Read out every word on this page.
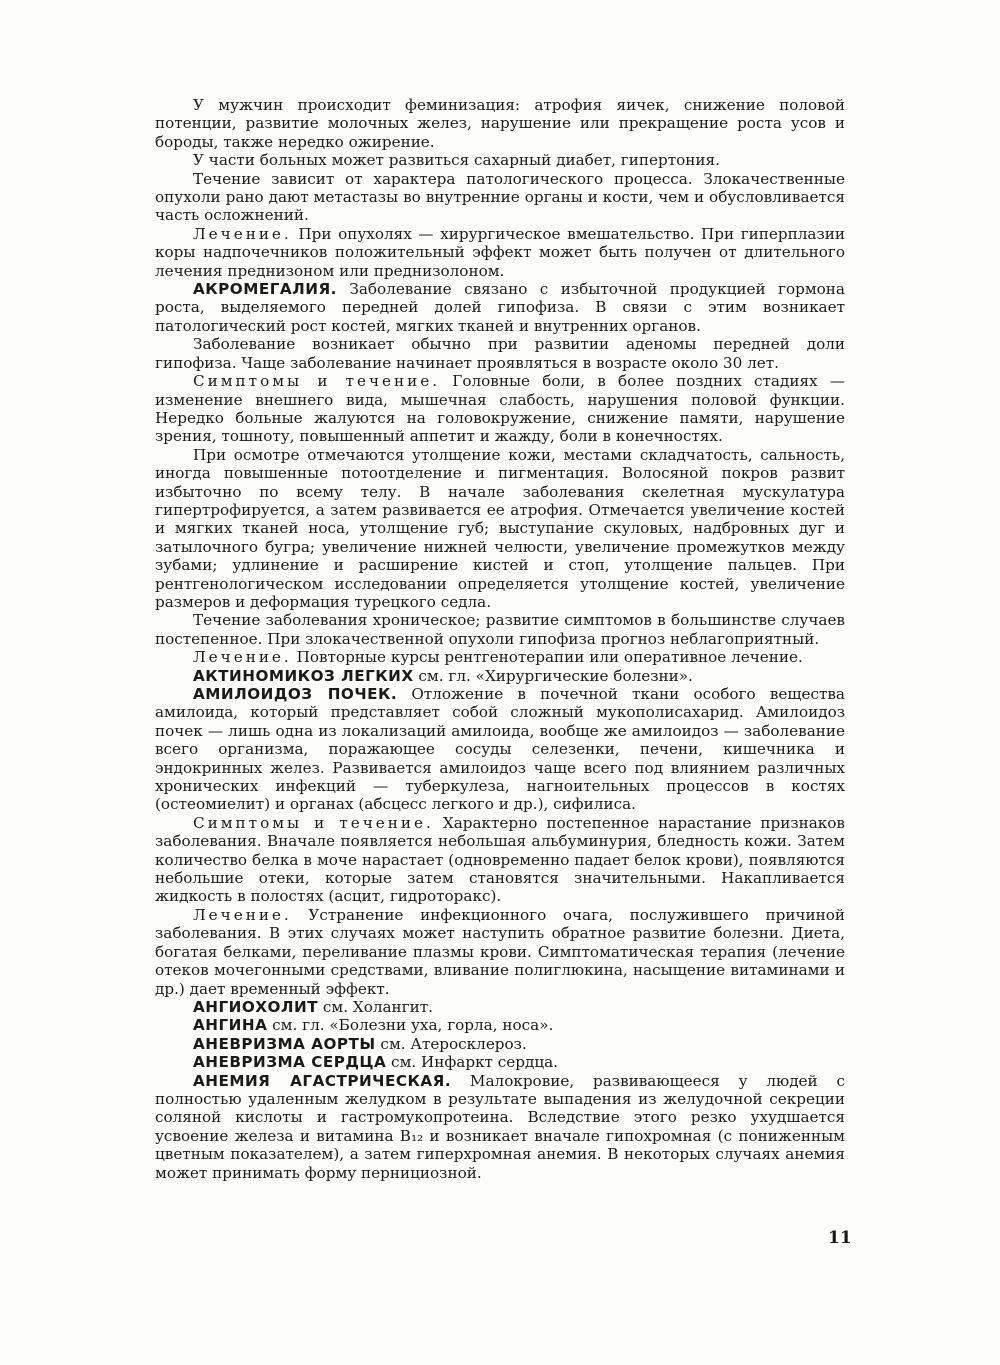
У мужчин происходит феминизация: атрофия яичек, снижение половой потенции, развитие молочных желез, нарушение или прекращение роста усов и бороды, также нередко ожирение.

У части больных может развиться сахарный диабет, гипертония.

Течение зависит от характера патологического процесса. Злокачественные опухоли рано дают метастазы во внутренние органы и кости, чем и обусловливается часть осложнений.

Лечение. При опухолях — хирургическое вмешательство. При гиперплазии коры надпочечников положительный эффект может быть получен от длительного лечения преднизоном или преднизолоном.

АКРОМЕГАЛИЯ. Заболевание связано с избыточной продукцией гормона роста, выделяемого передней долей гипофиза. В связи с этим возникает патологический рост костей, мягких тканей и внутренних органов.

Заболевание возникает обычно при развитии аденомы передней доли гипофиза. Чаще заболевание начинает проявляться в возрасте около 30 лет.

Симптомы и течение. Головные боли, в более поздних стадиях — изменение внешнего вида, мышечная слабость, нарушения половой функции. Нередко больные жалуются на головокружение, снижение памяти, нарушение зрения, тошноту, повышенный аппетит и жажду, боли в конечностях.

При осмотре отмечаются утолщение кожи, местами складчатость, сальность, иногда повышенные потоотделение и пигментация. Волосяной покров развит избыточно по всему телу. В начале заболевания скелетная мускулатура гипертрофируется, а затем развивается ее атрофия. Отмечается увеличение костей и мягких тканей носа, утолщение губ; выступание скуловых, надбровных дуг и затылочного бугра; увеличение нижней челюсти, увеличение промежутков между зубами; удлинение и расширение кистей и стоп, утолщение пальцев. При рентгенологическом исследовании определяется утолщение костей, увеличение размеров и деформация турецкого седла.

Течение заболевания хроническое; развитие симптомов в большинстве случаев постепенное. При злокачественной опухоли гипофиза прогноз неблагоприятный.

Лечение. Повторные курсы рентгенотерапии или оперативное лечение.

АКТИНОМИКОЗ ЛЕГКИХ см. гл. «Хирургические болезни».

АМИЛОИДОЗ ПОЧЕК. Отложение в почечной ткани особого вещества амилоида, который представляет собой сложный мукополисахарид. Амилоидоз почек — лишь одна из локализаций амилоида, вообще же амилоидоз — заболевание всего организма, поражающее сосуды селезенки, печени, кишечника и эндокринных желез. Развивается амилоидоз чаще всего под влиянием различных хронических инфекций — туберкулеза, нагноительных процессов в костях (остеомиелит) и органах (абсцесс легкого и др.), сифилиса.

Симптомы и течение. Характерно постепенное нарастание признаков заболевания. Вначале появляется небольшая альбуминурия, бледность кожи. Затем количество белка в моче нарастает (одновременно падает белок крови), появляются небольшие отеки, которые затем становятся значительными. Накапливается жидкость в полостях (асцит, гидроторакс).

Лечение. Устранение инфекционного очага, послужившего причиной заболевания. В этих случаях может наступить обратное развитие болезни. Диета, богатая белками, переливание плазмы крови. Симптоматическая терапия (лечение отеков мочегонными средствами, вливание полиглюкина, насыщение витаминами и др.) дает временный эффект.

АНГИОХОЛИТ см. Холангит.

АНГИНА см. гл. «Болезни уха, горла, носа».

АНЕВРИЗМА АОРТЫ см. Атеросклероз.

АНЕВРИЗМА СЕРДЦА см. Инфаркт сердца.

АНЕМИЯ АГАСТРИЧЕСКАЯ. Малокровие, развивающееся у людей с полностью удаленным желудком в результате выпадения из желудочной секреции соляной кислоты и гастромукопротеина. Вследствие этого резко ухудшается усвоение железа и витамина B₁₂ и возникает вначале гипохромная (с пониженным цветным показателем), а затем гиперхромная анемия. В некоторых случаях анемия может принимать форму пернициозной.

11
